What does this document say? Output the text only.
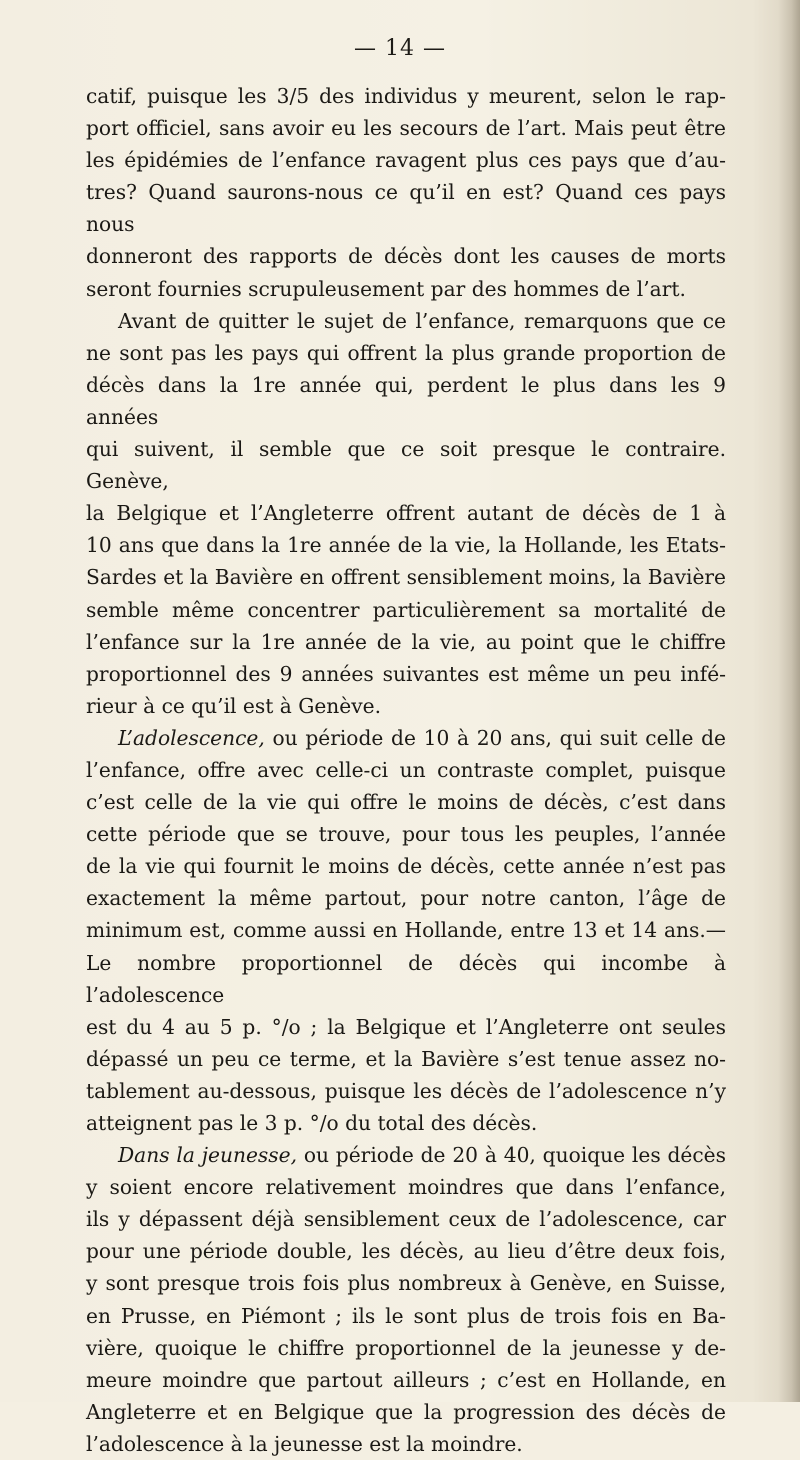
— 14 —

catif, puisque les 3/5 des individus y meurent, selon le rap-

port officiel, sans avoir eu les secours de l’art. Mais peut être

les épidémies de l’enfance ravagent plus ces pays que d’au-

tres? Quand saurons-nous ce qu’il en est? Quand ces pays nous

donneront des rapports de décès dont les causes de morts

seront fournies scrupuleusement par des hommes de l’art.

Avant de quitter le sujet de l’enfance, remarquons que ce

ne sont pas les pays qui offrent la plus grande proportion de

décès dans la 1re année qui, perdent le plus dans les 9 années

qui suivent, il semble que ce soit presque le contraire. Genève,

la Belgique et l’Angleterre offrent autant de décès de 1 à

10 ans que dans la 1re année de la vie, la Hollande, les Etats-

Sardes et la Bavière en offrent sensiblement moins, la Bavière

semble même concentrer particulièrement sa mortalité de

l’enfance sur la 1re année de la vie, au point que le chiffre

proportionnel des 9 années suivantes est même un peu infé-

rieur à ce qu’il est à Genève.

L’adolescence, ou période de 10 à 20 ans, qui suit celle de

l’enfance, offre avec celle-ci un contraste complet, puisque

c’est celle de la vie qui offre le moins de décès, c’est dans

cette période que se trouve, pour tous les peuples, l’année

de la vie qui fournit le moins de décès, cette année n’est pas

exactement la même partout, pour notre canton, l’âge de

minimum est, comme aussi en Hollande, entre 13 et 14 ans.—

Le nombre proportionnel de décès qui incombe à l’adolescence

est du 4 au 5 p. °/o ; la Belgique et l’Angleterre ont seules

dépassé un peu ce terme, et la Bavière s’est tenue assez no-

tablement au-dessous, puisque les décès de l’adolescence n’y

atteignent pas le 3 p. °/o du total des décès.

Dans la jeunesse, ou période de 20 à 40, quoique les décès

y soient encore relativement moindres que dans l’enfance,

ils y dépassent déjà sensiblement ceux de l’adolescence, car

pour une période double, les décès, au lieu d’être deux fois,

y sont presque trois fois plus nombreux à Genève, en Suisse,

en Prusse, en Piémont ; ils le sont plus de trois fois en Ba-

vière, quoique le chiffre proportionnel de la jeunesse y de-

meure moindre que partout ailleurs ; c’est en Hollande, en

Angleterre et en Belgique que la progression des décès de

l’adolescence à la jeunesse est la moindre.
